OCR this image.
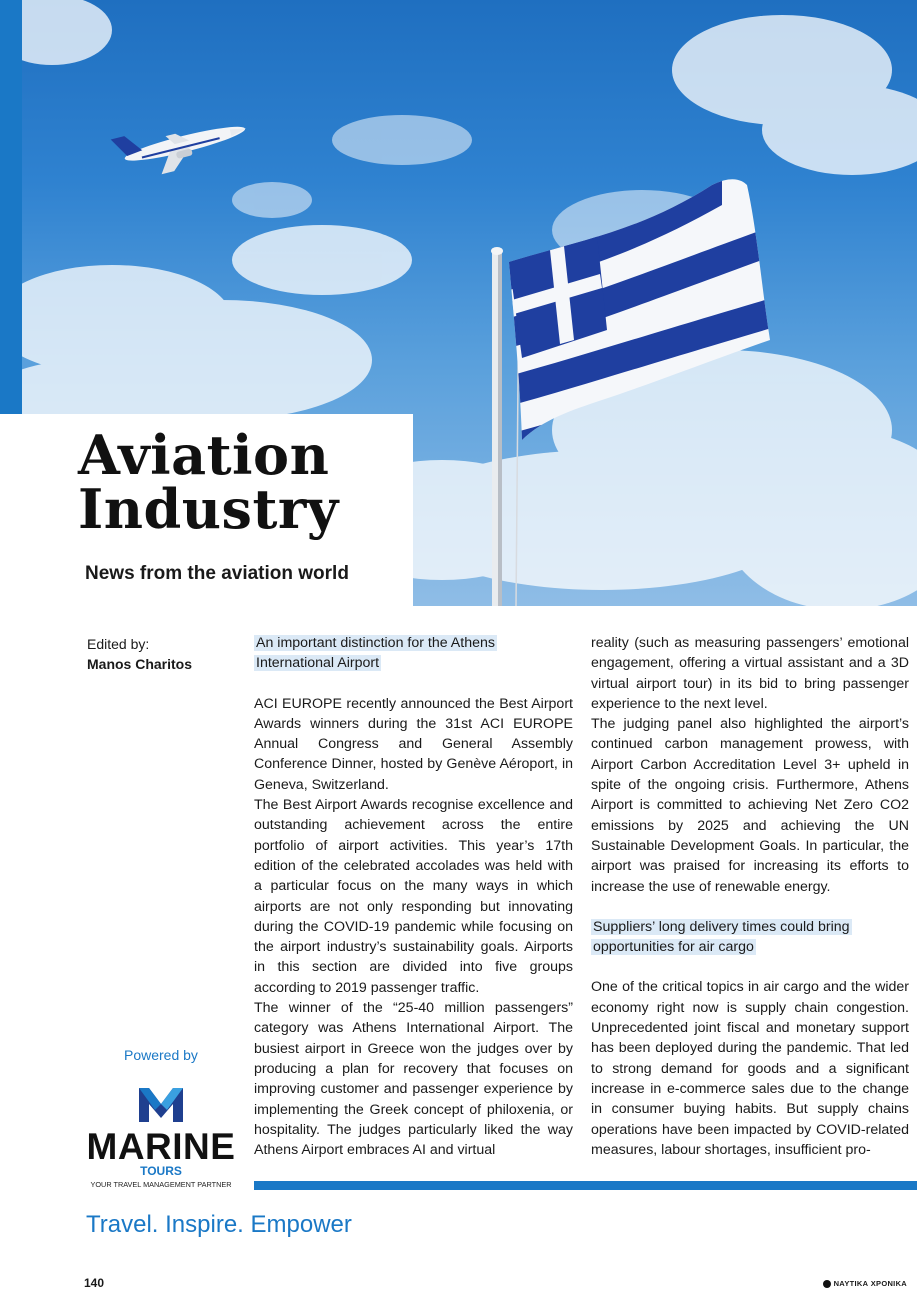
Aviation
Industry
News from the aviation world
Edited by:
Manos Charitos

An important distinction for the Athens International Airport

ACI EUROPE recently announced the Best Airport Awards winners during the 31st ACI EUROPE Annual Congress and General Assembly Conference Dinner, hosted by Genève Aéroport, in Geneva, Switzerland.

The Best Airport Awards recognise excellence and outstanding achievement across the entire portfolio of airport activities. This year’s 17th edition of the celebrated accolades was held with a particular focus on the many ways in which airports are not only responding but innovating during the COVID-19 pandemic while focusing on the airport industry’s sustainability goals. Airports in this section are divided into five groups according to 2019 passenger traffic.

The winner of the “25-40 million passengers” category was Athens International Airport. The busiest airport in Greece won the judges over by producing a plan for recovery that focuses on improving customer and passenger experience by implementing the Greek concept of philoxenia, or hospitality. The judges particularly liked the way Athens Airport embraces AI and virtual

reality (such as measuring passengers’ emotional engagement, offering a virtual assistant and a 3D virtual airport tour) in its bid to bring passenger experience to the next level.

The judging panel also highlighted the airport’s continued carbon management prowess, with Airport Carbon Accreditation Level 3+ upheld in spite of the ongoing crisis. Furthermore, Athens Airport is committed to achieving Net Zero CO2 emissions by 2025 and achieving the UN Sustainable Development Goals. In particular, the airport was praised for increasing its efforts to increase the use of renewable energy.

Suppliers’ long delivery times could bring opportunities for air cargo

One of the critical topics in air cargo and the wider economy right now is supply chain congestion. Unprecedented joint fiscal and monetary support has been deployed during the pandemic. That led to strong demand for goods and a significant increase in e-commerce sales due to the change in consumer buying habits. But supply chains operations have been impacted by COVID-related measures, labour shortages, insufficient pro-

Powered by
MARINE
TOURS
YOUR TRAVEL MANAGEMENT PARTNER
Travel. Inspire. Empower
140	ΝΑΥΤΙΚΑ ΧΡΟΝΙΚΑ
